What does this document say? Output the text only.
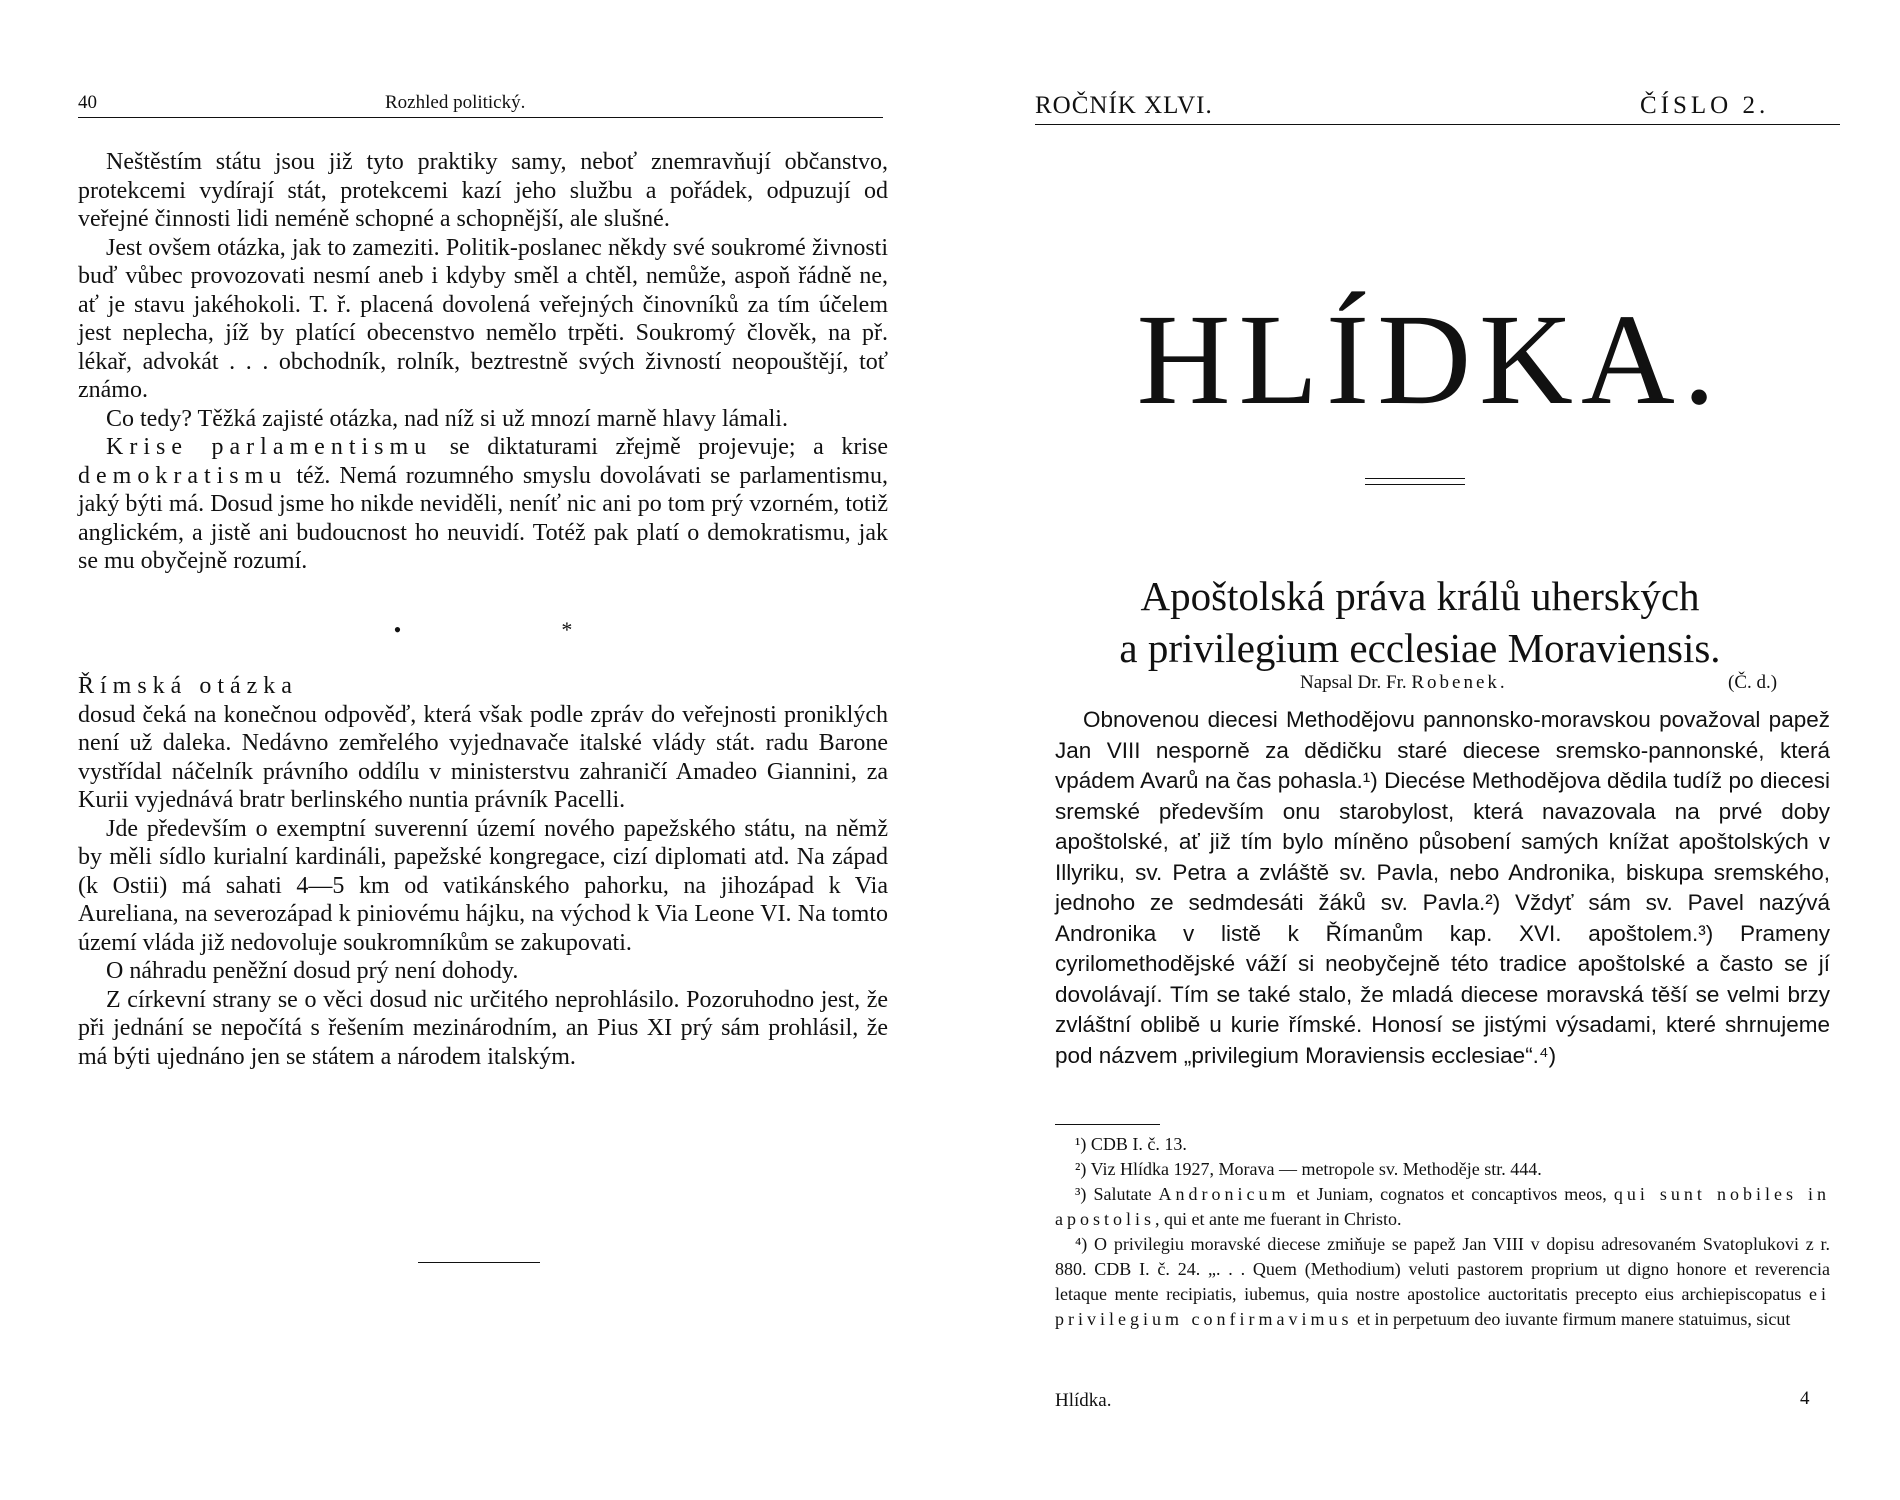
40	Rozhled politický.

Neštěstím státu jsou již tyto praktiky samy, neboť znemravňují občanstvo, protekcemi vydírají stát, protekcemi kazí jeho službu a pořádek, odpuzují od veřejné činnosti lidi neméně schopné a schopnější, ale slušné.

Jest ovšem otázka, jak to zameziti. Politik-poslanec někdy své soukromé živnosti buď vůbec provozovati nesmí aneb i kdyby směl a chtěl, nemůže, aspoň řádně ne, ať je stavu jakéhokoli. T. ř. placená dovolená veřejných činovníků za tím účelem jest neplecha, jíž by platící obecenstvo nemělo trpěti. Soukromý člověk, na př. lékař, advokát . . . obchodník, rolník, beztrestně svých živností neopouštějí, toť známo.

Co tedy? Těžká zajisté otázka, nad níž si už mnozí marně hlavy lámali.

Krise parlamentismu se diktaturami zřejmě projevuje; a krise demokratismu též. Nemá rozumného smyslu dovolávati se parlamentismu, jaký býti má. Dosud jsme ho nikde neviděli, neníť nic ani po tom prý vzorném, totiž anglickém, a jistě ani budoucnost ho neuvidí. Totéž pak platí o demokratismu, jak se mu obyčejně rozumí.

•	*

Římská otázka

dosud čeká na konečnou odpověď, která však podle zpráv do veřejnosti proniklých není už daleka. Nedávno zemřelého vyjednavače italské vlády stát. radu Barone vystřídal náčelník právního oddílu v ministerstvu zahraničí Amadeo Giannini, za Kurii vyjednává bratr berlinského nuntia právník Pacelli.

Jde především o exemptní suverenní území nového papežského státu, na němž by měli sídlo kurialní kardináli, papežské kongregace, cizí diplomati atd. Na západ (k Ostii) má sahati 4—5 km od vatikánského pahorku, na jihozápad k Via Aureliana, na severozápad k piniovému hájku, na východ k Via Leone VI. Na tomto území vláda již nedovoluje soukromníkům se zakupovati.

O náhradu peněžní dosud prý není dohody.

Z církevní strany se o věci dosud nic určitého neprohlásilo. Pozoruhodno jest, že při jednání se nepočítá s řešením mezinárodním, an Pius XI prý sám prohlásil, že má býti ujednáno jen se státem a národem italským.

ROČNÍK XLVI.	ČÍSLO 2.
HLÍDKA.
Apoštolská práva králů uherských
a privilegium ecclesiae Moraviensis.
Napsal Dr. Fr. Robenek.	(Č. d.)

Obnovenou diecesi Methodějovu pannonsko-moravskou považoval papež Jan VIII nesporně za dědičku staré diecese sremsko-pannonské, která vpádem Avarů na čas pohasla.¹) Diecése Methodějova dědila tudíž po diecesi sremské především onu starobylost, která navazovala na prvé doby apoštolské, ať již tím bylo míněno působení samých knížat apoštolských v Illyriku, sv. Petra a zvláště sv. Pavla, nebo Andronika, biskupa sremského, jednoho ze sedmdesáti žáků sv. Pavla.²) Vždyť sám sv. Pavel nazývá Andronika v listě k Římanům kap. XVI. apoštolem.³) Prameny cyrilomethodějské váží si neobyčejně této tradice apoštolské a často se jí dovolávají. Tím se také stalo, že mladá diecese moravská těší se velmi brzy zvláštní oblibě u kurie římské. Honosí se jistými výsadami, které shrnujeme pod názvem „privilegium Moraviensis ecclesiae“.⁴)

¹) CDB I. č. 13.

²) Viz Hlídka 1927, Morava — metropole sv. Methoděje str. 444.

³) Salutate Andronicum et Juniam, cognatos et concaptivos meos, qui sunt nobiles in apostolis, qui et ante me fuerant in Christo.

⁴) O privilegiu moravské diecese zmiňuje se papež Jan VIII v dopisu adresovaném Svatoplukovi z r. 880. CDB I. č. 24. „. . . Quem (Methodium) veluti pastorem proprium ut digno honore et reverencia letaque mente recipiatis, iubemus, quia nostre apostolice auctoritatis precepto eius archiepiscopatus ei privilegium confirmavimus et in perpetuum deo iuvante firmum manere statuimus, sicut

Hlídka.	4
